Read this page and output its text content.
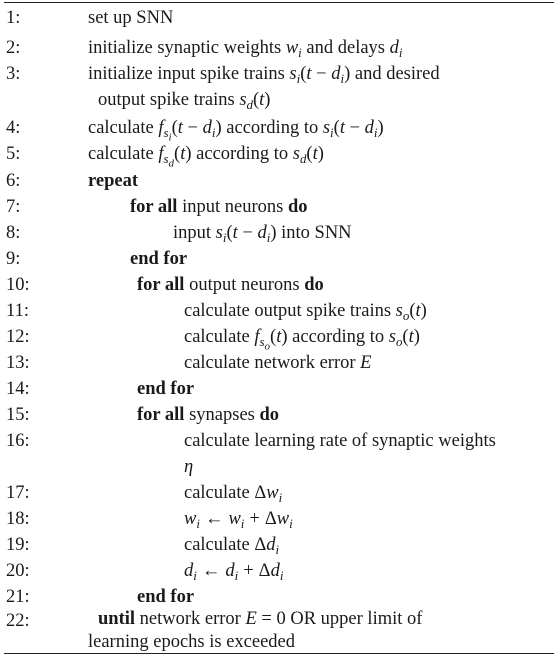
1:	set up SNN
2:	initialize synaptic weights $w_i$ and delays $d_i$
3:	initialize input spike trains $s_i(t - d_i)$ and desired
output spike trains $s_d(t)$
4:	calculate $f_{s_i}(t - d_i)$ according to $s_i(t - d_i)$
5:	calculate $f_{s_d}(t)$ according to $s_d(t)$
6:	repeat
7:	for all input neurons do
8:	input $s_i(t - d_i)$ into SNN
9:	end for
10:	for all output neurons do
11:	calculate output spike trains $s_o(t)$
12:	calculate $f_{s_o}(t)$ according to $s_o(t)$
13:	calculate network error E
14:	end for
15:	for all synapses do
16:	calculate learning rate of synaptic weights
η
17:	calculate $\Delta w_i$
18:	$w_i$ ← $w_i + \Delta w_i$
19:	calculate $\Delta d_i$
20:	$d_i$ ← $d_i + \Delta d_i$
21:	end for
22:	until network error E = 0 OR upper limit of
learning epochs is exceeded
